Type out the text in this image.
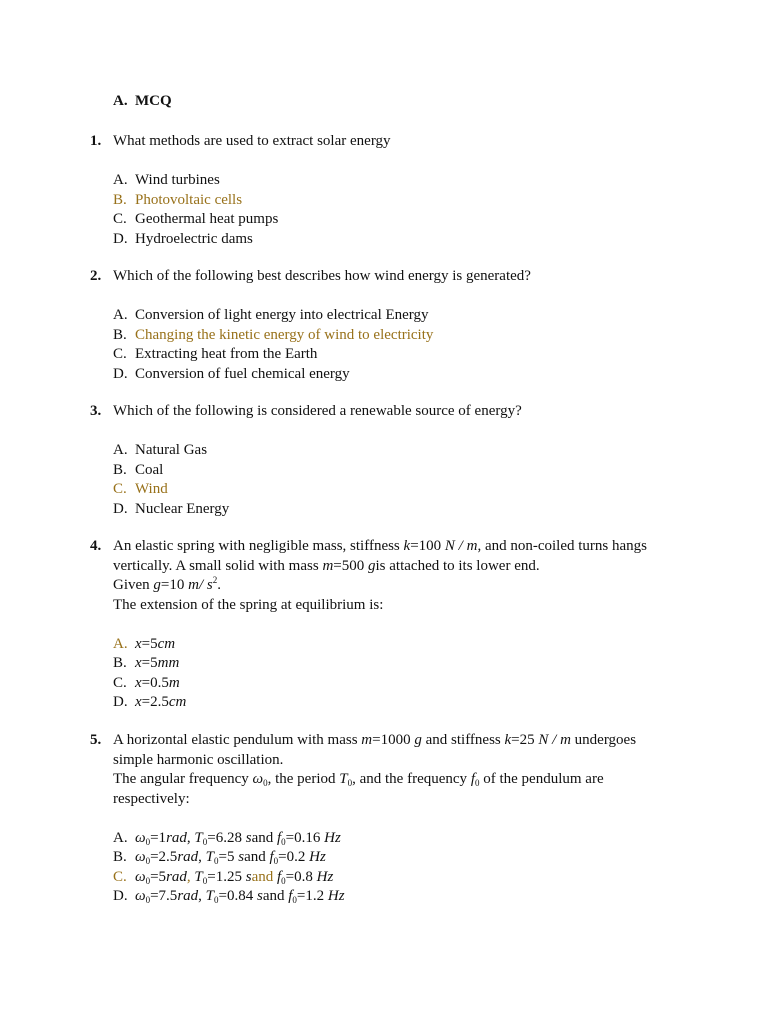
A. MCQ
1. What methods are used to extract solar energy
A. Wind turbines
B. Photovoltaic cells
C. Geothermal heat pumps
D. Hydroelectric dams
2. Which of the following best describes how wind energy is generated?
A. Conversion of light energy into electrical Energy
B. Changing the kinetic energy of wind to electricity
C. Extracting heat from the Earth
D. Conversion of fuel chemical energy
3. Which of the following is considered a renewable source of energy?
A. Natural Gas
B. Coal
C. Wind
D. Nuclear Energy
4. An elastic spring with negligible mass, stiffness k=100 N / m, and non-coiled turns hangs vertically. A small solid with mass m=500 gis attached to its lower end.
Given g=10 m/ $s^2$.
The extension of the spring at equilibrium is:
A. x=5cm
B. x=5mm
C. x=0.5m
D. x=2.5cm
5. A horizontal elastic pendulum with mass m=1000 g and stiffness k=25 N / m undergoes simple harmonic oscillation.
The angular frequency $\omega_0$, the period $T_0$, and the frequency $f_0$ of the pendulum are respectively:
A. $\omega_0=1rad$, $T_0=6.28$ sand $f_0=0.16$ Hz
B. $\omega_0=2.5rad$, $T_0=5$ sand $f_0=0.2$ Hz
C. $\omega_0=5rad$, $T_0=1.25$ sand $f_0=0.8$ Hz
D. $\omega_0=7.5rad$, $T_0=0.84$ sand $f_0=1.2$ Hz
